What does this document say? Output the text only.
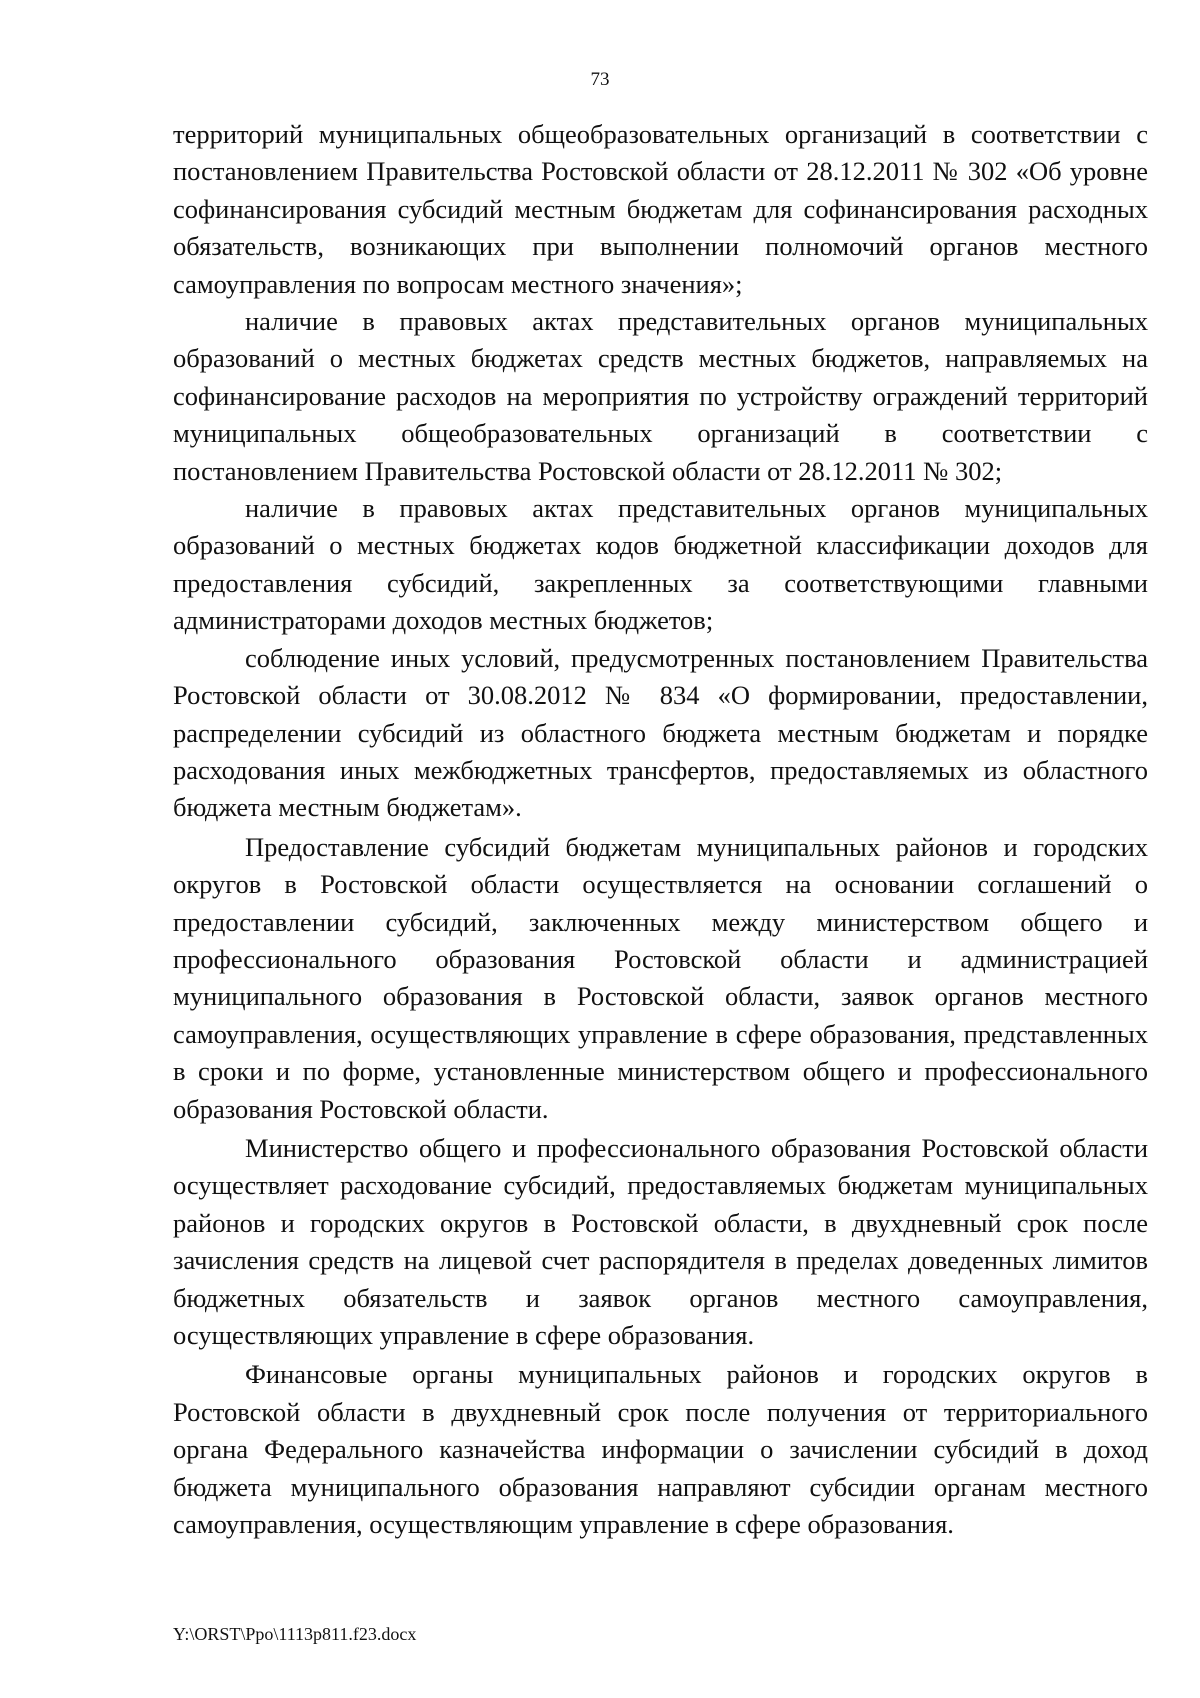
73

территорий муниципальных общеобразовательных организаций в соответствии с постановлением Правительства Ростовской области от 28.12.2011 № 302 «Об уровне софинансирования субсидий местным бюджетам для софинансирования расходных обязательств, возникающих при выполнении полномочий органов местного самоуправления по вопросам местного значения»;

наличие в правовых актах представительных органов муниципальных образований о местных бюджетах средств местных бюджетов, направляемых на софинансирование расходов на мероприятия по устройству ограждений территорий муниципальных общеобразовательных организаций в соответствии с постановлением Правительства Ростовской области от 28.12.2011 № 302;

наличие в правовых актах представительных органов муниципальных образований о местных бюджетах кодов бюджетной классификации доходов для предоставления субсидий, закрепленных за соответствующими главными администраторами доходов местных бюджетов;

соблюдение иных условий, предусмотренных постановлением Правительства Ростовской области от 30.08.2012 № 834 «О формировании, предоставлении, распределении субсидий из областного бюджета местным бюджетам и порядке расходования иных межбюджетных трансфертов, предоставляемых из областного бюджета местным бюджетам».

Предоставление субсидий бюджетам муниципальных районов и городских округов в Ростовской области осуществляется на основании соглашений о предоставлении субсидий, заключенных между министерством общего и профессионального образования Ростовской области и администрацией муниципального образования в Ростовской области, заявок органов местного самоуправления, осуществляющих управление в сфере образования, представленных в сроки и по форме, установленные министерством общего и профессионального образования Ростовской области.

Министерство общего и профессионального образования Ростовской области осуществляет расходование субсидий, предоставляемых бюджетам муниципальных районов и городских округов в Ростовской области, в двухдневный срок после зачисления средств на лицевой счет распорядителя в пределах доведенных лимитов бюджетных обязательств и заявок органов местного самоуправления, осуществляющих управление в сфере образования.

Финансовые органы муниципальных районов и городских округов в Ростовской области в двухдневный срок после получения от территориального органа Федерального казначейства информации о зачислении субсидий в доход бюджета муниципального образования направляют субсидии органам местного самоуправления, осуществляющим управление в сфере образования.

Y:\ORST\Ppo\1113p811.f23.docx
